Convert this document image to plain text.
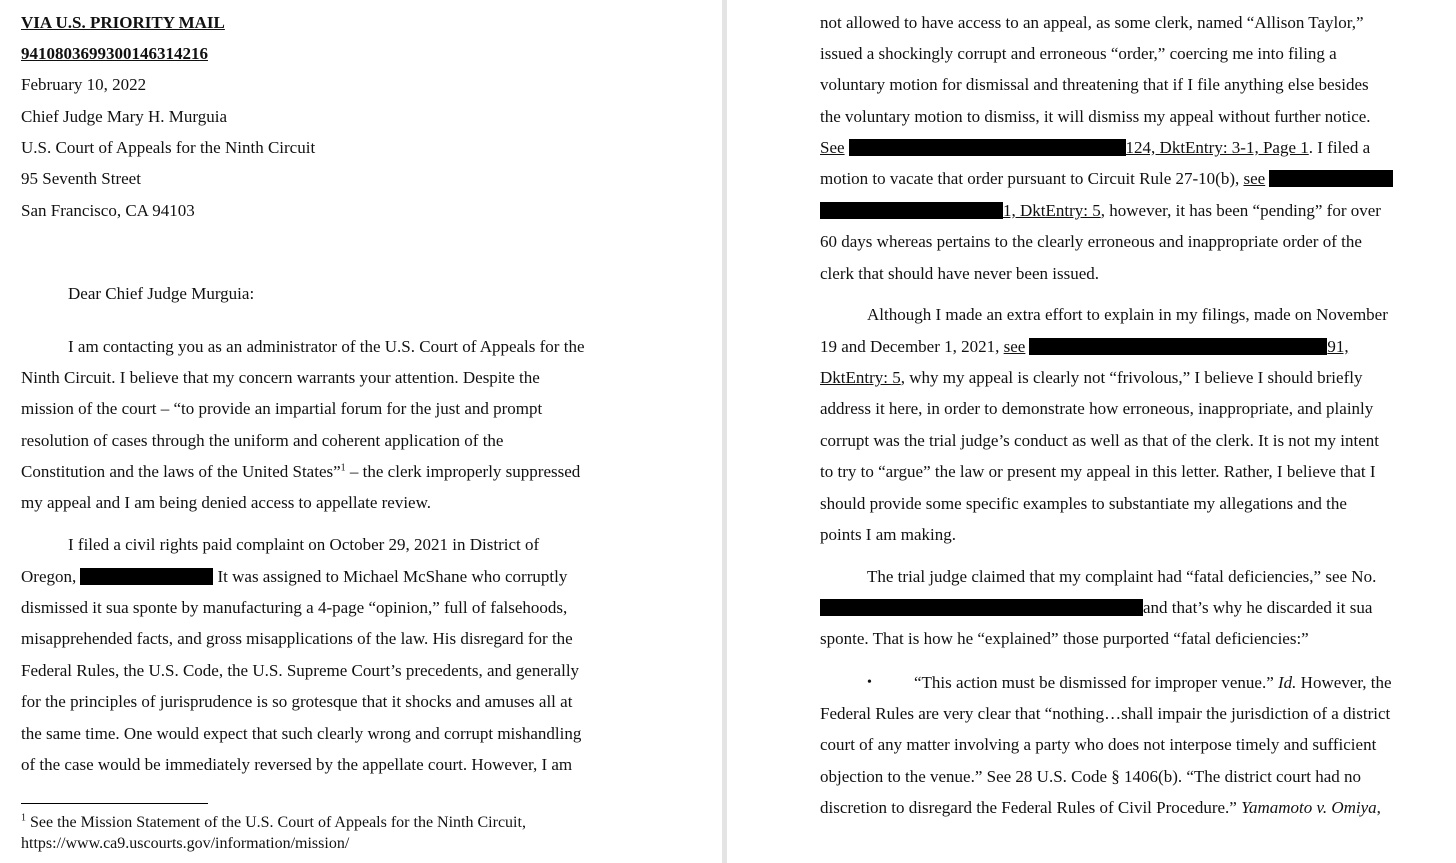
VIA U.S. PRIORITY MAIL
9410803699300146314216
February 10, 2022
Chief Judge Mary H. Murguia
U.S. Court of Appeals for the Ninth Circuit
95 Seventh Street
San Francisco, CA 94103
Dear Chief Judge Murguia:
I am contacting you as an administrator of the U.S. Court of Appeals for the
Ninth Circuit. I believe that my concern warrants your attention. Despite the
mission of the court – “to provide an impartial forum for the just and prompt
resolution of cases through the uniform and coherent application of the
Constitution and the laws of the United States”$^1$ – the clerk improperly suppressed
my appeal and I am being denied access to appellate review.
I filed a civil rights paid complaint on October 29, 2021 in District of
Oregon,	It was assigned to Michael McShane who corruptly
dismissed it sua sponte by manufacturing a 4-page “opinion,” full of falsehoods,
misapprehended facts, and gross misapplications of the law. His disregard for the
Federal Rules, the U.S. Code, the U.S. Supreme Court’s precedents, and generally
for the principles of jurisprudence is so grotesque that it shocks and amuses all at
the same time. One would expect that such clearly wrong and corrupt mishandling
of the case would be immediately reversed by the appellate court. However, I am
$^1$ See the Mission Statement of the U.S. Court of Appeals for the Ninth Circuit,
https://www.ca9.uscourts.gov/information/mission/
not allowed to have access to an appeal, as some clerk, named “Allison Taylor,”
issued a shockingly corrupt and erroneous “order,” coercing me into filing a
voluntary motion for dismissal and threatening that if I file anything else besides
the voluntary motion to dismiss, it will dismiss my appeal without further notice.
See	124, DktEntry: 3-1, Page 1. I filed a
motion to vacate that order pursuant to Circuit Rule 27-10(b), see
1, DktEntry: 5, however, it has been “pending” for over
60 days whereas pertains to the clearly erroneous and inappropriate order of the
clerk that should have never been issued.
Although I made an extra effort to explain in my filings, made on November
19 and December 1, 2021, see	91,
DktEntry: 5, why my appeal is clearly not “frivolous,” I believe I should briefly
address it here, in order to demonstrate how erroneous, inappropriate, and plainly
corrupt was the trial judge’s conduct as well as that of the clerk. It is not my intent
to try to “argue” the law or present my appeal in this letter. Rather, I believe that I
should provide some specific examples to substantiate my allegations and the
points I am making.
The trial judge claimed that my complaint had “fatal deficiencies,” see No.
and that’s why he discarded it sua
sponte. That is how he “explained” those purported “fatal deficiencies:”
• “This action must be dismissed for improper venue.” Id. However, the
Federal Rules are very clear that “nothing…shall impair the jurisdiction of a district
court of any matter involving a party who does not interpose timely and sufficient
objection to the venue.” See 28 U.S. Code § 1406(b). “The district court had no
discretion to disregard the Federal Rules of Civil Procedure.” Yamamoto v. Omiya,
